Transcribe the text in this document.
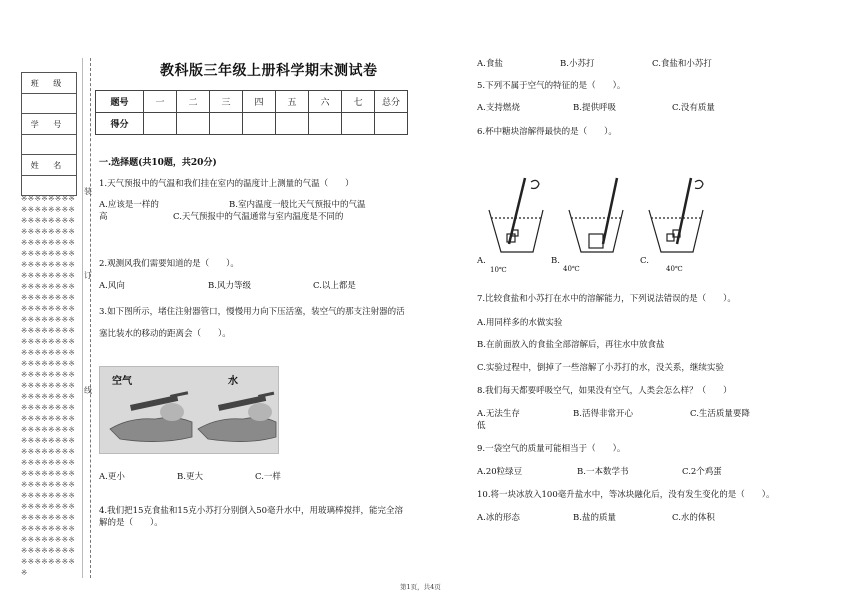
班 级

学 号

姓 名

※※※※※※※※※※※※※※※※※※※※※※※※※※※※※※※※※※※※※※※※※※※※※※※※※※※※※※※※※※※※※※※※※※※※※※※※※※※※※※※※※※※※※※※※※※※※※※※※※※※※※※※※※※※※※※※※※※※※※※※※※※※※※※※※※※※※※※※※※※※※※※※※※※※※※※※※※※※※※※※※※※※※※※※※※※※※※※※※※※※※※※※※※※※※※※※※※※※※※※※※※※※※※※※※※※※※※※※※※※※※※※※※※※※※※※※※※※※※※※※※※※※※※※※※※※※※※※※※※※※※※※※※※※※※※※※※※
装
订
线
教科版三年级上册科学期末测试卷
题号	一	二	三	四	五	六	七	总分
得分								
一.选择题(共10题，共20分)
1.天气预报中的气温和我们挂在室内的温度计上测量的气温（　　）
A.应该是一样的	B.室内温度一般比天气预报中的气温
高	C.天气预报中的气温通常与室内温度是不同的
2.观测风我们需要知道的是（　　）。
A.风向	B.风力等级	C.以上都是
3.如下图所示，堵住注射器管口，慢慢用力向下压活塞，装空气的那支注射器的活
塞比装水的移动的距离会（　　）。
空气	水
A.更小	B.更大	C.一样
4.我们把15克食盐和15克小苏打分别倒入50毫升水中，用玻璃棒搅拌，能完全溶
解的是（　　）。
A.食盐	B.小苏打	C.食盐和小苏打
5.下列不属于空气的特征的是（　　）。
A.支持燃烧	B.提供呼吸	C.没有质量
6.杯中糖块溶解得最快的是（　　）。
A.
10℃
B.
40℃
C.
40℃
7.比较食盐和小苏打在水中的溶解能力，下列说法错误的是（　　）。
A.用同样多的水做实验
B.在前面放入的食盐全部溶解后，再往水中放食盐
C.实验过程中，倒掉了一些溶解了小苏打的水，没关系，继续实验
8.我们每天都要呼吸空气，如果没有空气，人类会怎么样？（　　）
A.无法生存	B.活得非常开心	C.生活质量要降
低
9.一袋空气的质量可能相当于（　　）。
A.20粒绿豆	B.一本数学书	C.2个鸡蛋
10.将一块冰放入100毫升盐水中，等冰块融化后，没有发生变化的是（　　）。
A.冰的形态	B.盐的质量	C.水的体积
第1页，共4页
